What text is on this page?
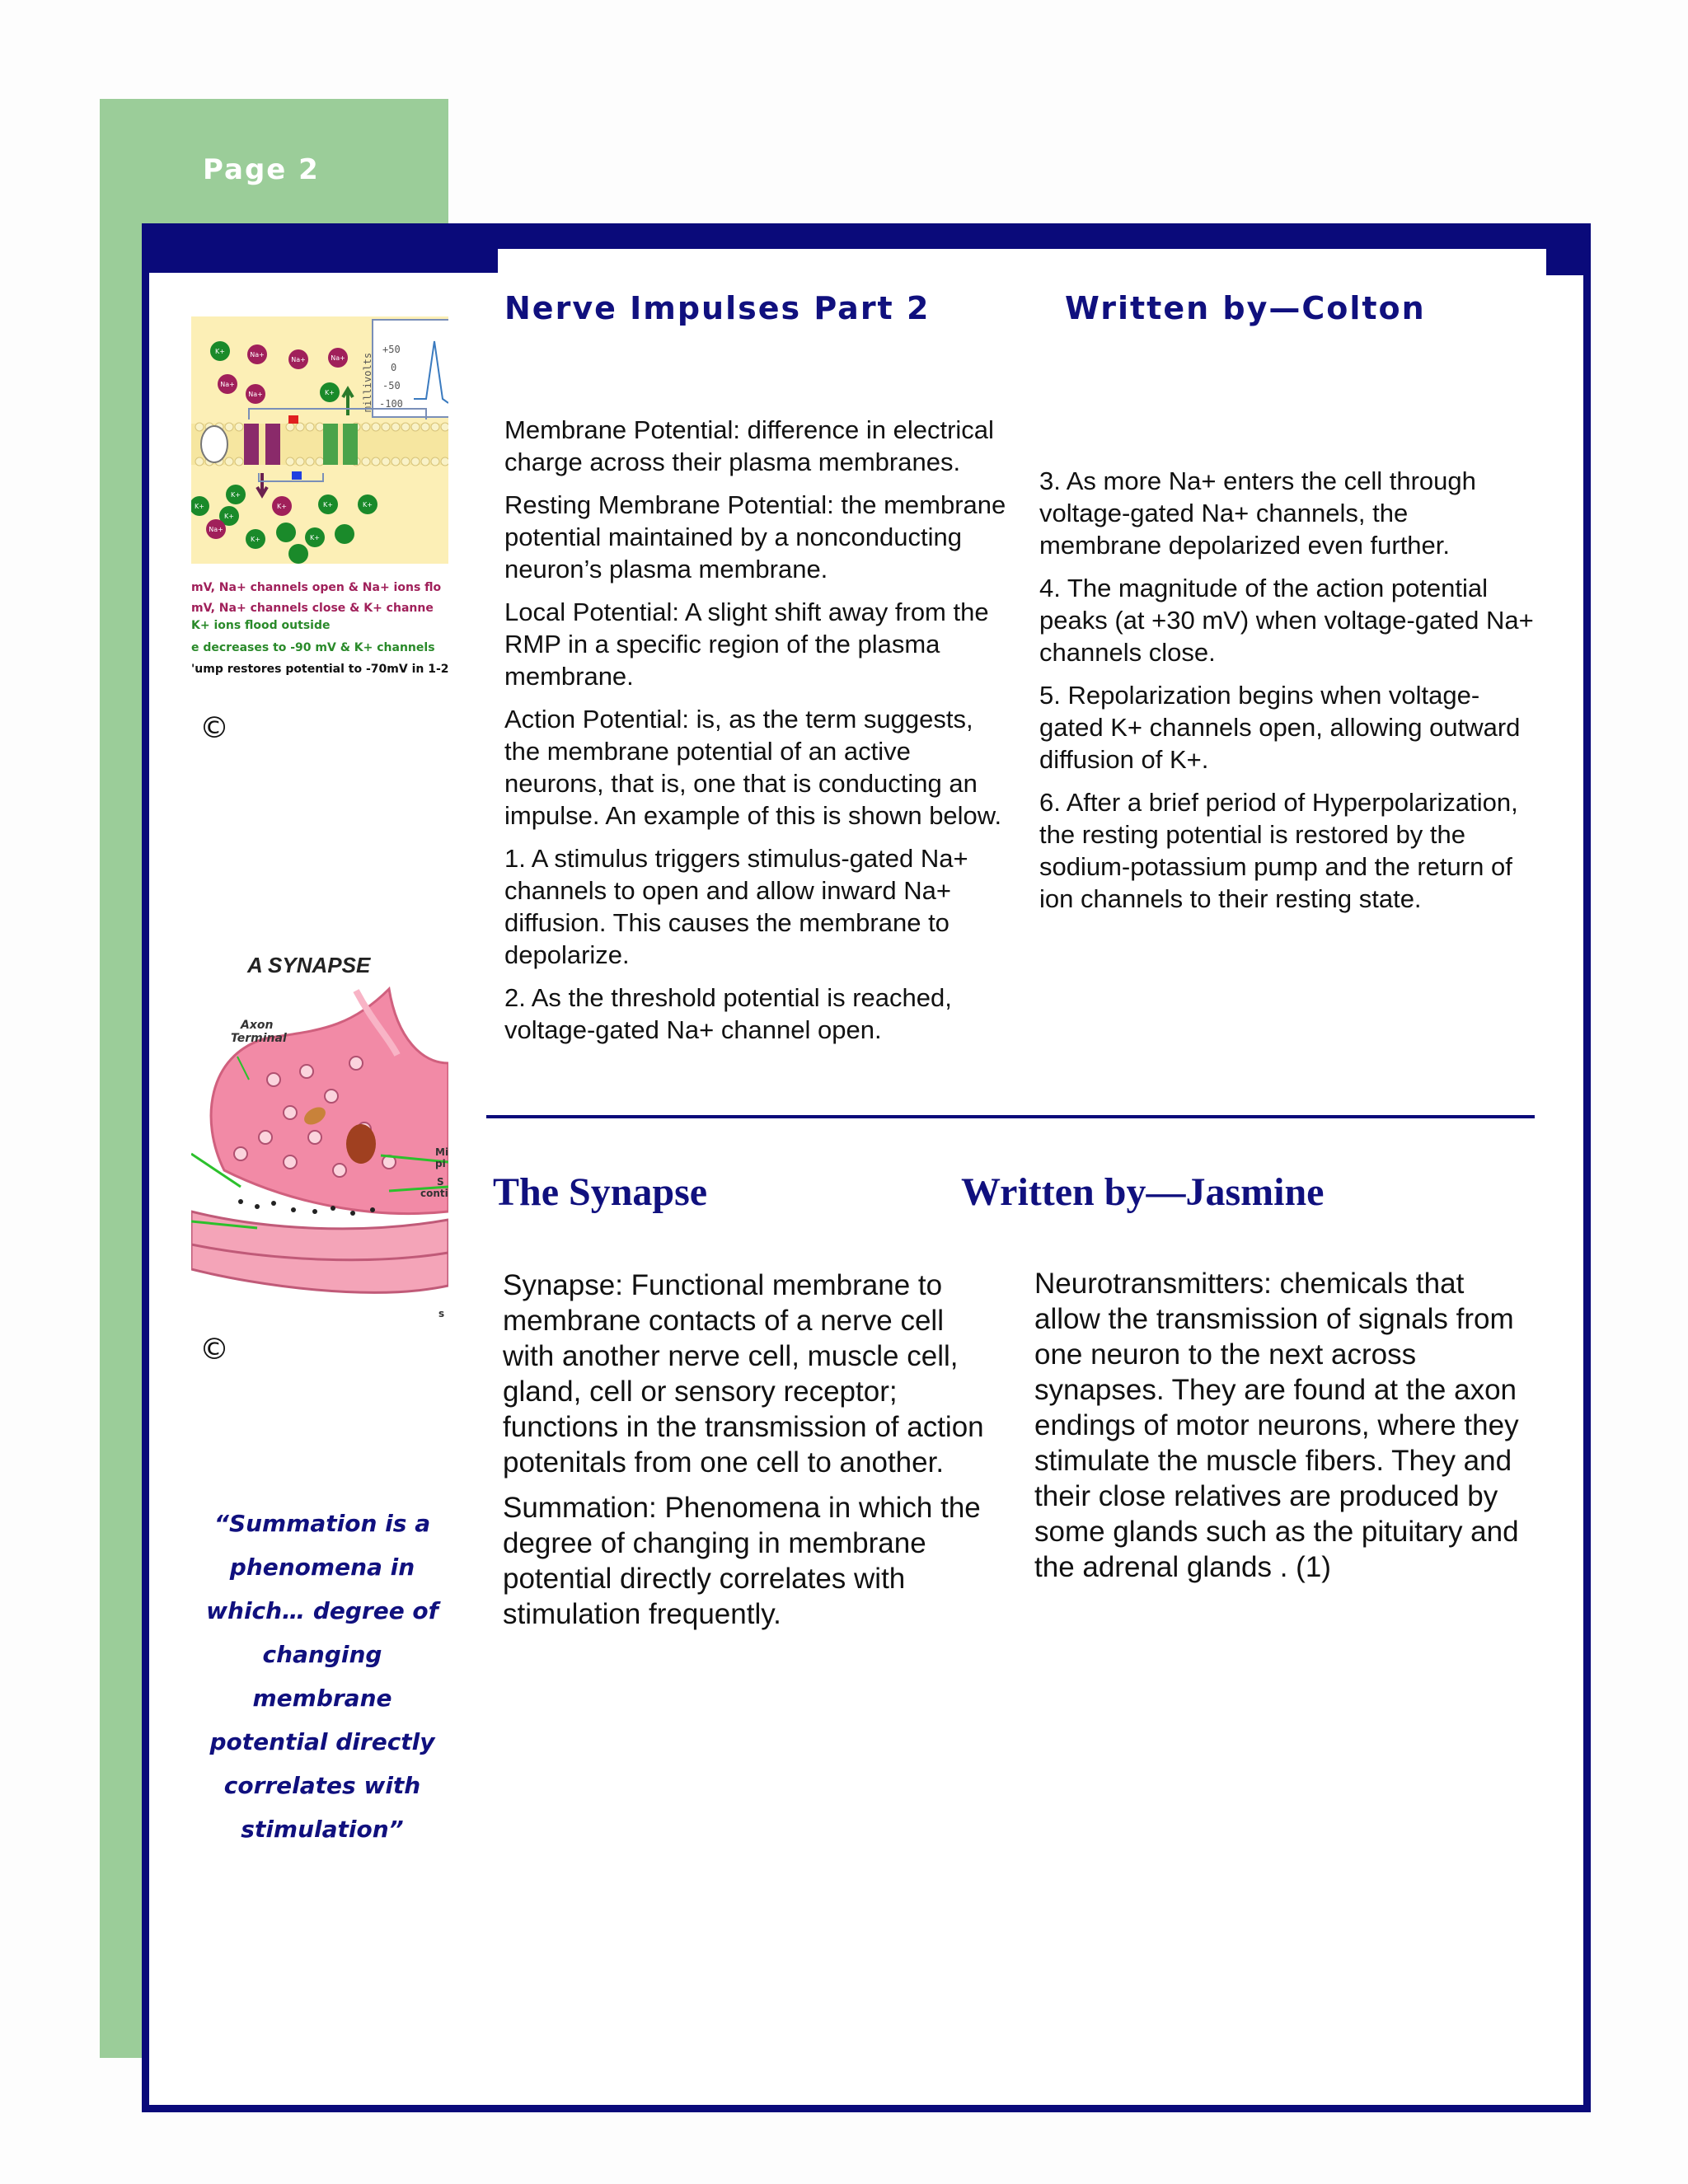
Page 2
millivolts
+50
0
-50
-100
K+	Na+
Na+	Na+
Na+
Na+	K+
K+
K+
K+
Na+
K+	K+	K+
K+	K+
mV, Na+ channels open & Na+ ions flo
mV, Na+ channels close & K+ channe
K+ ions flood outside
e decreases to -90 mV & K+ channels
'ump restores potential to -70mV in 1-2
©
A SYNAPSE
Axon
Terminal
Mi
pi
S
conti
s
©
Nerve Impulses Part 2	Written by—Colton

Membrane Potential: difference in electrical charge across their plasma membranes.

Resting Membrane Potential: the membrane potential maintained by a nonconducting neuron’s plasma membrane.

Local Potential: A slight shift away from the RMP in a specific region of the plasma membrane.

Action Potential: is, as the term suggests, the membrane potential of an active neurons, that is, one that is conducting an impulse. An example of this is shown below.

1. A stimulus triggers stimulus-gated Na+ channels to open and allow inward Na+ diffusion. This causes the membrane to depolarize.

2. As the threshold potential is reached, voltage-gated Na+ channel open.

3. As more Na+ enters the cell through voltage-gated Na+ channels, the membrane depolarized even further.

4. The magnitude of the action potential peaks (at +30 mV) when voltage-gated Na+ channels close.

5. Repolarization begins when voltage-gated K+ channels open, allowing outward diffusion of K+.

6. After a brief period of Hyperpolarization, the resting potential is restored by the sodium-potassium pump and the return of ion channels to their resting state.

The Synapse	Written by—Jasmine

Synapse: Functional membrane to membrane contacts of a nerve cell with another nerve cell, muscle cell, gland, cell or sensory receptor; functions in the transmission of action potenitals from one cell to another.

Summation: Phenomena in which the degree of changing in membrane potential directly correlates with stimulation frequently.

Neurotransmitters: chemicals that allow the transmission of signals from one neuron to the next across synapses. They are found at the axon endings of motor neurons, where they stimulate the muscle fibers. They and their close relatives are produced by some glands such as the pituitary and the adrenal glands . (1)

“Summation is a phenomena in which… degree of changing membrane potential directly correlates with stimulation”
